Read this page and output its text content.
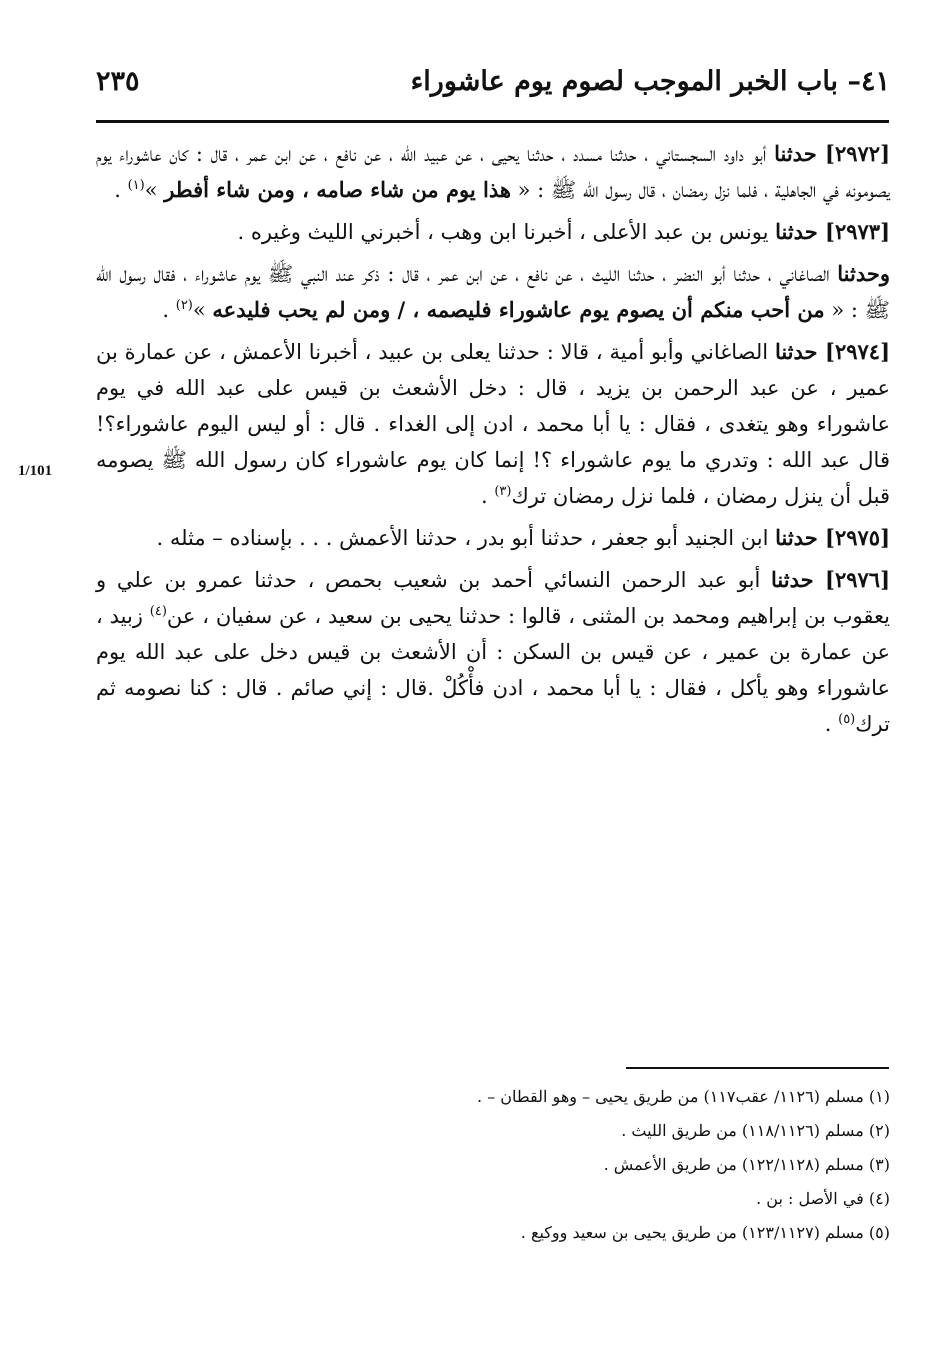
٤١– باب الخبر الموجب لصوم يوم عاشوراء
٢٣٥
1/101

[٢٩٧٢] حدثنا أبو داود السجستاني ، حدثنا مسدد ، حدثنا يحيى ، عن عبيد الله ، عن نافع ، عن ابن عمر ، قال : كان عاشوراء يوم يصومونه في الجاهلية ، فلما نزل رمضان ، قال رسول الله ﷺ : « هذا يوم من شاء صامه ، ومن شاء أفطر »$^{(١)}$ .

[٢٩٧٣] حدثنا يونس بن عبد الأعلى ، أخبرنا ابن وهب ، أخبرني الليث وغيره .

وحدثنا الصاغاني ، حدثنا أبو النضر ، حدثنا الليث ، عن نافع ، عن ابن عمر ، قال : ذكر عند النبي ﷺ يوم عاشوراء ، فقال رسول الله ﷺ : « من أحب منكم أن يصوم يوم عاشوراء فليصمه ، / ومن لم يحب فليدعه »$^{(٢)}$ .

[٢٩٧٤] حدثنا الصاغاني وأبو أمية ، قالا : حدثنا يعلى بن عبيد ، أخبرنا الأعمش ، عن عمارة بن عمير ، عن عبد الرحمن بن يزيد ، قال : دخل الأشعث بن قيس على عبد الله في يوم عاشوراء وهو يتغدى ، فقال : يا أبا محمد ، ادن إلى الغداء . قال : أو ليس اليوم عاشوراء؟! قال عبد الله : وتدري ما يوم عاشوراء ؟! إنما كان يوم عاشوراء كان رسول الله ﷺ يصومه قبل أن ينزل رمضان ، فلما نزل رمضان ترك$^{(٣)}$ .

[٢٩٧٥] حدثنا ابن الجنيد أبو جعفر ، حدثنا أبو بدر ، حدثنا الأعمش . . . بإسناده – مثله .

[٢٩٧٦] حدثنا أبو عبد الرحمن النسائي أحمد بن شعيب بحمص ، حدثنا عمرو بن علي و يعقوب بن إبراهيم ومحمد بن المثنى ، قالوا : حدثنا يحيى بن سعيد ، عن سفيان ، عن$^{(٤)}$ زبيد ، عن عمارة بن عمير ، عن قيس بن السكن : أن الأشعث بن قيس دخل على عبد الله يوم عاشوراء وهو يأكل ، فقال : يا أبا محمد ، ادن فأْكُلْ .قال : إني صائم . قال : كنا نصومه ثم ترك$^{(٥)}$ .

(١) مسلم (١١٢٦/ عقب١١٧) من طريق يحيى – وهو القطان – .
(٢) مسلم (١١٨/١١٢٦) من طريق الليث .
(٣) مسلم (١٢٢/١١٢٨) من طريق الأعمش .
(٤) في الأصل : بن .
(٥) مسلم (١٢٣/١١٢٧) من طريق يحيى بن سعيد ووكيع .
